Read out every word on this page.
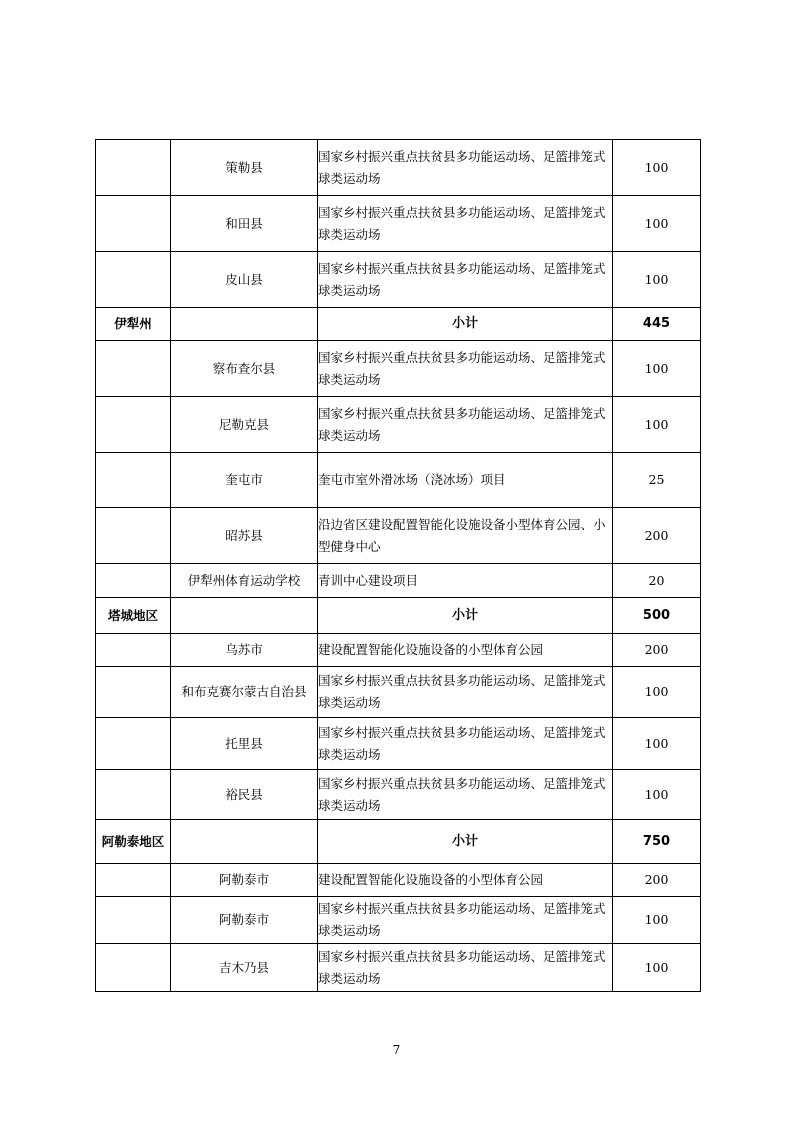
	策勒县	国家乡村振兴重点扶贫县多功能运动场、足篮排笼式球类运动场	100
	和田县	国家乡村振兴重点扶贫县多功能运动场、足篮排笼式球类运动场	100
	皮山县	国家乡村振兴重点扶贫县多功能运动场、足篮排笼式球类运动场	100
伊犁州		小计	445
	察布查尔县	国家乡村振兴重点扶贫县多功能运动场、足篮排笼式球类运动场	100
	尼勒克县	国家乡村振兴重点扶贫县多功能运动场、足篮排笼式球类运动场	100
	奎屯市	奎屯市室外滑冰场（浇冰场）项目	25
	昭苏县	沿边省区建设配置智能化设施设备小型体育公园、小型健身中心	200
	伊犁州体育运动学校	青训中心建设项目	20
塔城地区		小计	500
	乌苏市	建设配置智能化设施设备的小型体育公园	200
	和布克赛尔蒙古自治县	国家乡村振兴重点扶贫县多功能运动场、足篮排笼式球类运动场	100
	托里县	国家乡村振兴重点扶贫县多功能运动场、足篮排笼式球类运动场	100
	裕民县	国家乡村振兴重点扶贫县多功能运动场、足篮排笼式球类运动场	100
阿勒泰地区		小计	750
	阿勒泰市	建设配置智能化设施设备的小型体育公园	200
	阿勒泰市	国家乡村振兴重点扶贫县多功能运动场、足篮排笼式球类运动场	100
	吉木乃县	国家乡村振兴重点扶贫县多功能运动场、足篮排笼式球类运动场	100
7
